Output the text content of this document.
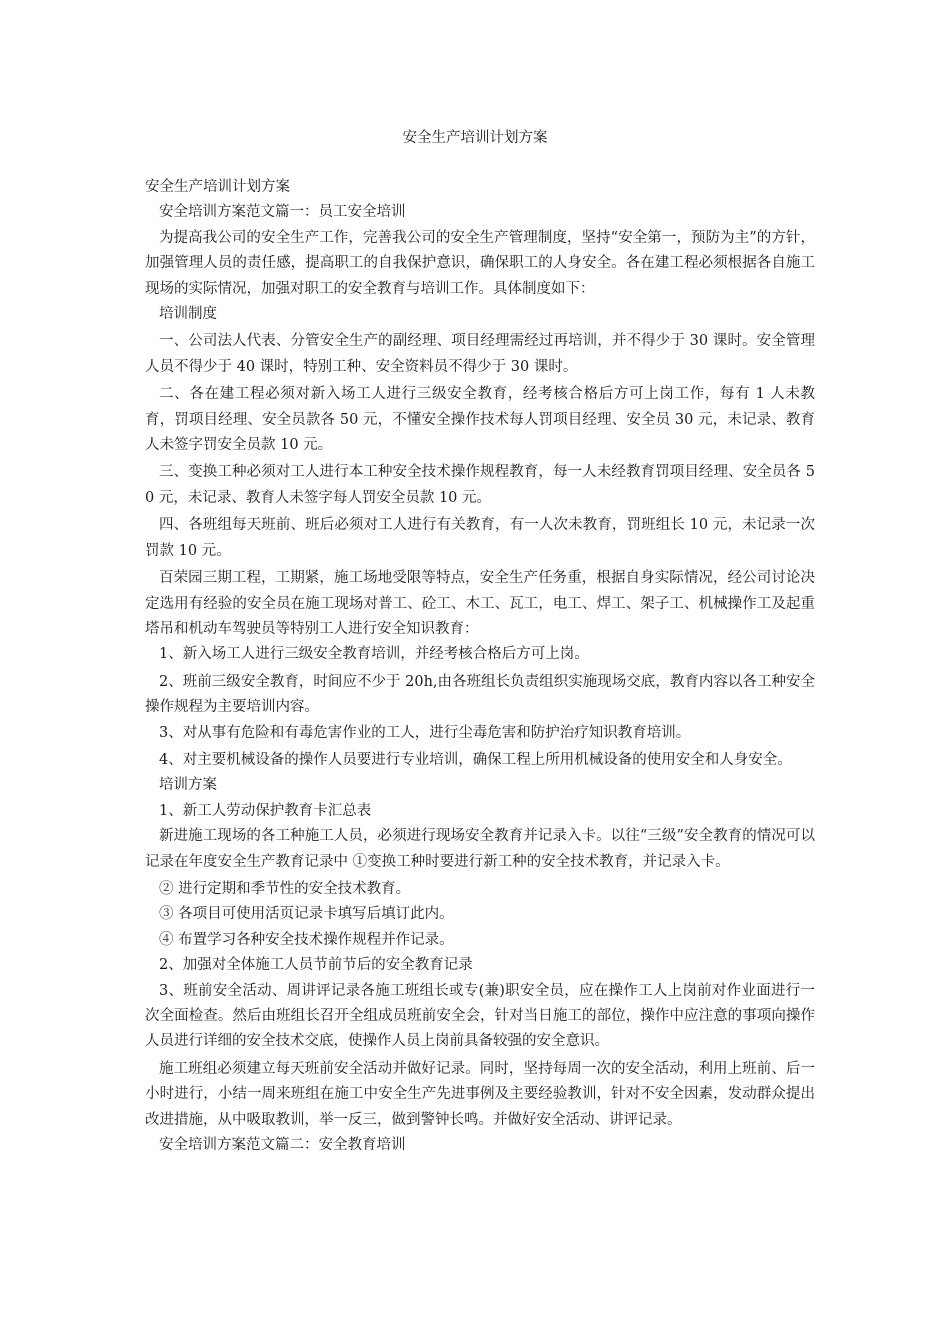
安全生产培训计划方案

安全生产培训计划方案

安全培训方案范文篇一：员工安全培训

为提高我公司的安全生产工作，完善我公司的安全生产管理制度，坚持“安全第一，预防为主”的方针，加强管理人员的责任感，提高职工的自我保护意识，确保职工的人身安全。各在建工程必须根据各自施工现场的实际情况，加强对职工的安全教育与培训工作。具体制度如下：

培训制度

一、公司法人代表、分管安全生产的副经理、项目经理需经过再培训，并不得少于 30 课时。安全管理人员不得少于 40 课时，特别工种、安全资料员不得少于 30 课时。

二、各在建工程必须对新入场工人进行三级安全教育，经考核合格后方可上岗工作，每有 1 人未教育，罚项目经理、安全员款各 50 元，不懂安全操作技术每人罚项目经理、安全员 30 元，未记录、教育人未签字罚安全员款 10 元。

三、变换工种必须对工人进行本工种安全技术操作规程教育，每一人未经教育罚项目经理、安全员各 50 元，未记录、教育人未签字每人罚安全员款 10 元。

四、各班组每天班前、班后必须对工人进行有关教育，有一人次未教育，罚班组长 10 元，未记录一次罚款 10 元。

百荣园三期工程，工期紧，施工场地受限等特点，安全生产任务重，根据自身实际情况，经公司讨论决定选用有经验的安全员在施工现场对普工、砼工、木工、瓦工，电工、焊工、架子工、机械操作工及起重塔吊和机动车驾驶员等特别工人进行安全知识教育：

1、新入场工人进行三级安全教育培训，并经考核合格后方可上岗。

2、班前三级安全教育，时间应不少于 20h,由各班组长负责组织实施现场交底，教育内容以各工种安全 操作规程为主要培训内容。

3、对从事有危险和有毒危害作业的工人，进行尘毒危害和防护治疗知识教育培训。

4、对主要机械设备的操作人员要进行专业培训，确保工程上所用机械设备的使用安全和人身安全。

培训方案

1、新工人劳动保护教育卡汇总表

新进施工现场的各工种施工人员，必须进行现场安全教育并记录入卡。以往“三级”安全教育的情况可以记录在年度安全生产教育记录中 ①变换工种时要进行新工种的安全技术教育，并记录入卡。

② 进行定期和季节性的安全技术教育。

③ 各项目可使用活页记录卡填写后填订此内。

④ 布置学习各种安全技术操作规程并作记录。

2、加强对全体施工人员节前节后的安全教育记录

3、班前安全活动、周讲评记录各施工班组长或专(兼)职安全员，应在操作工人上岗前对作业面进行一次全面检查。然后由班组长召开全组成员班前安全会，针对当日施工的部位，操作中应注意的事项向操作人员进行详细的安全技术交底，使操作人员上岗前具备较强的安全意识。

施工班组必须建立每天班前安全活动并做好记录。同时，坚持每周一次的安全活动，利用上班前、后一小时进行，小结一周来班组在施工中安全生产先进事例及主要经验教训，针对不安全因素，发动群众提出改进措施，从中吸取教训，举一反三，做到警钟长鸣。并做好安全活动、讲评记录。

安全培训方案范文篇二：安全教育培训
